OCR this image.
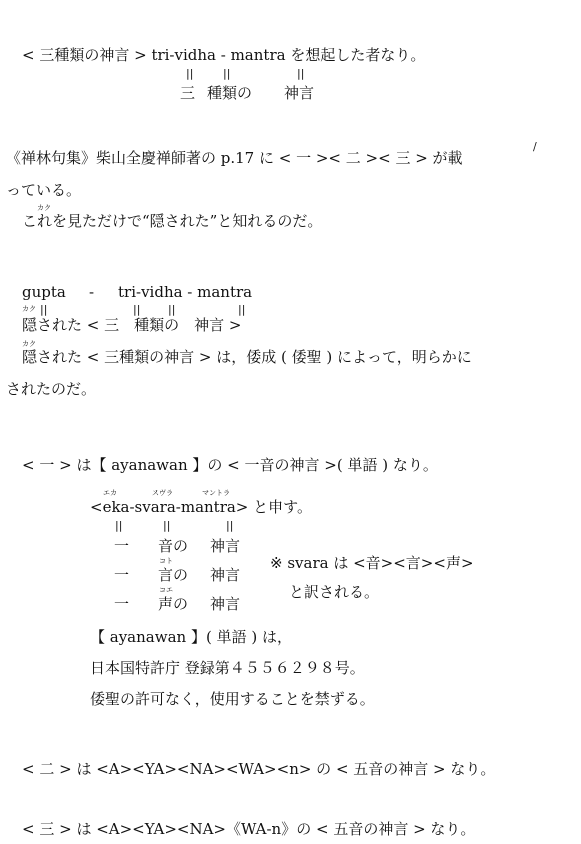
< 三種類の神言 > tri-vidha - mantra を想起した者なり。
||	||	||
三 種類の 神言
/
《禅林句集》柴山全慶禅師著の p.17 に < 一 >< 二 >< 三 > が載
っている。
カク
これを見ただけで“隠された”と知れるのだ。
gupta - tri-vidha - mantra
カク ||	||	||	||
隠された < 三　種類の　神言 >
カク
隠された < 三種類の神言 > は，倭成 ( 倭聖 ) によって，明らかに
されたのだ。
< 一 > は【 ayanawan 】の < 一音の神言 >( 単語 ) なり。
エカ	スヴラ	マントラ
<eka-svara-mantra> と申す。
||	||	||
一 音の 神言
コト
一 言の 神言
コエ
一 声の 神言
※ svara は <音><言><声>
と訳される。
【 ayanawan 】( 単語 ) は，
日本国特許庁 登録第４５５６２９８号。
倭聖の許可なく，使用することを禁ずる。
< 二 > は <A><YA><NA><WA><n> の < 五音の神言 > なり。
< 三 > は <A><YA><NA>《WA-n》の < 五音の神言 > なり。
